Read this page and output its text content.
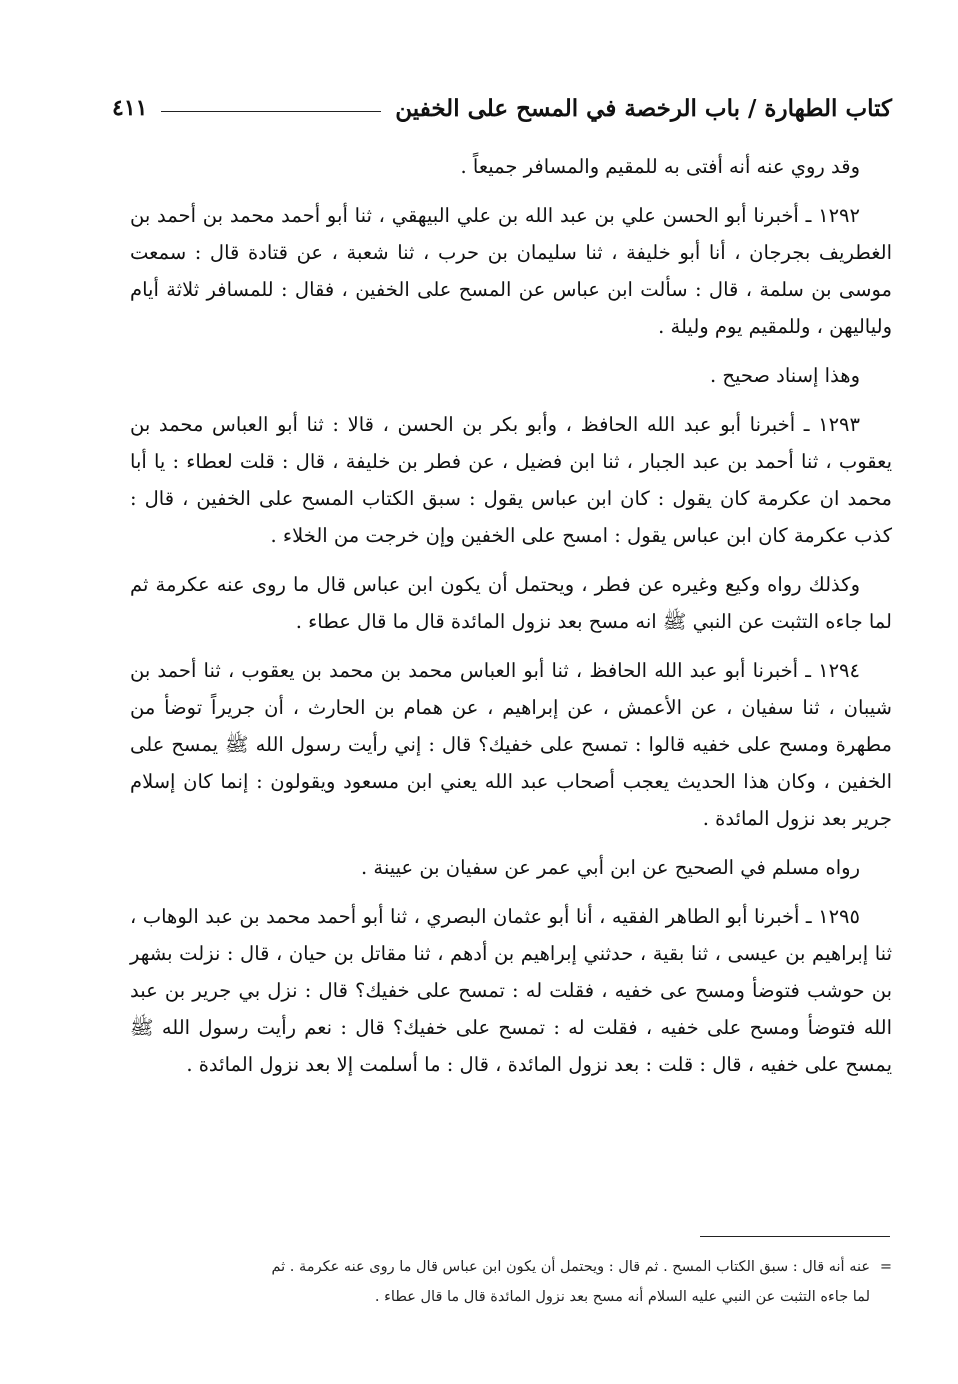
كتاب الطهارة / باب الرخصة في المسح على الخفين
٤١١

وقد روي عنه أنه أفتى به للمقيم والمسافر جميعاً .

١٢٩٢ ـ أخبرنا أبو الحسن علي بن عبد الله بن علي البيهقي ، ثنا أبو أحمد محمد بن أحمد بن الغطريف بجرجان ، أنا أبو خليفة ، ثنا سليمان بن حرب ، ثنا شعبة ، عن قتادة قال : سمعت موسى بن سلمة ، قال : سألت ابن عباس عن المسح على الخفين ، فقال : للمسافر ثلاثة أيام ولياليهن ، وللمقيم يوم وليلة .

وهذا إسناد صحيح .

١٢٩٣ ـ أخبرنا أبو عبد الله الحافظ ، وأبو بكر بن الحسن ، قالا : ثنا أبو العباس محمد بن يعقوب ، ثنا أحمد بن عبد الجبار ، ثنا ابن فضيل ، عن فطر بن خليفة ، قال : قلت لعطاء : يا أبا محمد ان عكرمة كان يقول : كان ابن عباس يقول : سبق الكتاب المسح على الخفين ، قال : كذب عكرمة كان ابن عباس يقول : امسح على الخفين وإن خرجت من الخلاء .

وكذلك رواه وكيع وغيره عن فطر ، ويحتمل أن يكون ابن عباس قال ما روى عنه عكرمة ثم لما جاءه التثبت عن النبي ﷺ انه مسح بعد نزول المائدة قال ما قال عطاء .

١٢٩٤ ـ أخبرنا أبو عبد الله الحافظ ، ثنا أبو العباس محمد بن محمد بن يعقوب ، ثنا أحمد بن شيبان ، ثنا سفيان ، عن الأعمش ، عن إبراهيم ، عن همام بن الحارث ، أن جريراً توضأ من مطهرة ومسح على خفيه قالوا : تمسح على خفيك؟ قال : إني رأيت رسول الله ﷺ يمسح على الخفين ، وكان هذا الحديث يعجب أصحاب عبد الله يعني ابن مسعود ويقولون : إنما كان إسلام جرير بعد نزول المائدة .

رواه مسلم في الصحيح عن ابن أبي عمر عن سفيان بن عيينة .

١٢٩٥ ـ أخبرنا أبو الطاهر الفقيه ، أنا أبو عثمان البصري ، ثنا أبو أحمد محمد بن عبد الوهاب ، ثنا إبراهيم بن عيسى ، ثنا بقية ، حدثني إبراهيم بن أدهم ، ثنا مقاتل بن حيان ، قال : نزلت بشهر بن حوشب فتوضأ ومسح عى خفيه ، فقلت له : تمسح على خفيك؟ قال : نزل بي جرير بن عبد الله فتوضأ ومسح على خفيه ، فقلت له : تمسح على خفيك؟ قال : نعم رأيت رسول الله ﷺ يمسح على خفيه ، قال : قلت : بعد نزول المائدة ، قال : ما أسلمت إلا بعد نزول المائدة .

=عنه أنه قال : سبق الكتاب المسح . ثم قال : ويحتمل أن يكون ابن عباس قال ما روى عنه عكرمة . ثم
لما جاءه التثبت عن النبي عليه السلام أنه مسح بعد نزول المائدة قال ما قال عطاء .
